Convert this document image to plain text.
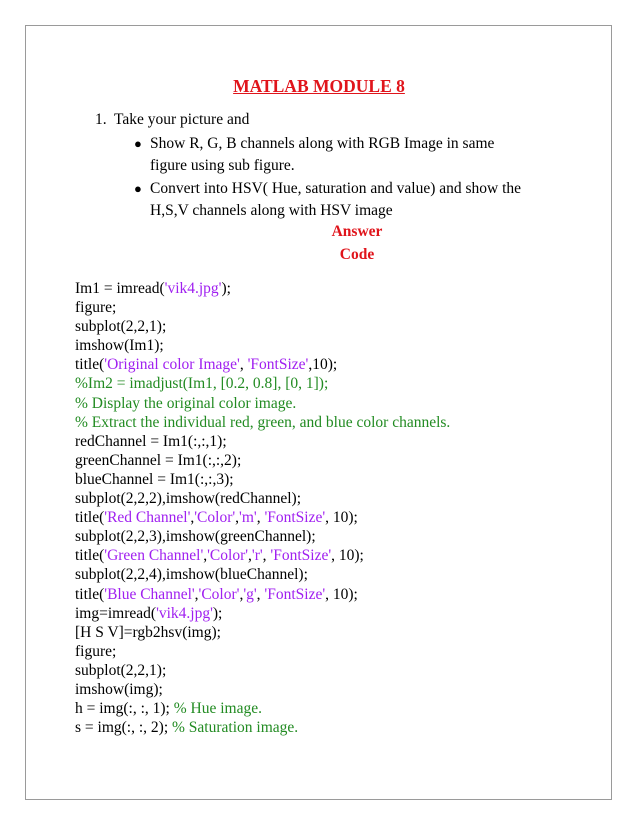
MATLAB MODULE 8
1. Take your picture and
● Show R, G, B channels along with RGB Image in same
figure using sub figure.
● Convert into HSV( Hue, saturation and value) and show the
H,S,V channels along with HSV image
Answer
Code
Im1 = imread('vik4.jpg');
figure;
subplot(2,2,1);
imshow(Im1);
title('Original color Image', 'FontSize',10);
%Im2 = imadjust(Im1, [0.2, 0.8], [0, 1]);
% Display the original color image.
% Extract the individual red, green, and blue color channels.
redChannel = Im1(:,:,1);
greenChannel = Im1(:,:,2);
blueChannel = Im1(:,:,3);
subplot(2,2,2),imshow(redChannel);
title('Red Channel','Color','m', 'FontSize', 10);
subplot(2,2,3),imshow(greenChannel);
title('Green Channel','Color','r', 'FontSize', 10);
subplot(2,2,4),imshow(blueChannel);
title('Blue Channel','Color','g', 'FontSize', 10);
img=imread('vik4.jpg');
[H S V]=rgb2hsv(img);
figure;
subplot(2,2,1);
imshow(img);
h = img(:, :, 1); % Hue image.
s = img(:, :, 2); % Saturation image.
